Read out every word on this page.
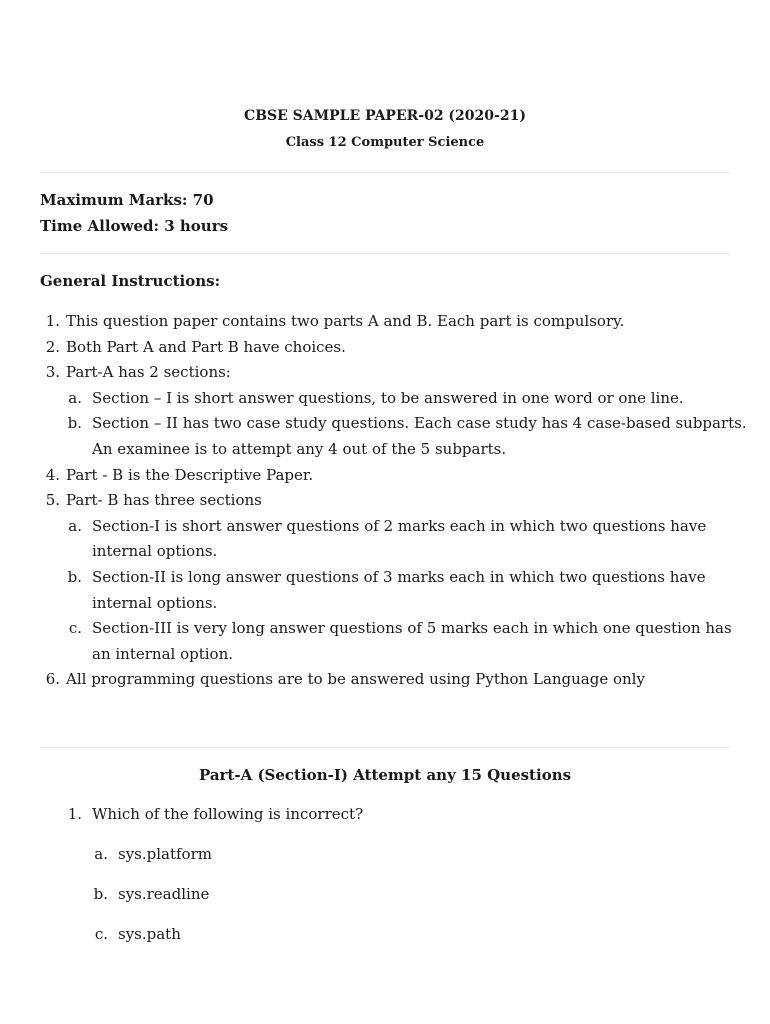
CBSE SAMPLE PAPER-02 (2020-21)
Class 12 Computer Science
Maximum Marks: 70
Time Allowed: 3 hours
General Instructions:
1. This question paper contains two parts A and B. Each part is compulsory.
2. Both Part A and Part B have choices.
3. Part-A has 2 sections:
a. Section – I is short answer questions, to be answered in one word or one line.
b. Section – II has two case study questions. Each case study has 4 case-based subparts.
An examinee is to attempt any 4 out of the 5 subparts.
4. Part - B is the Descriptive Paper.
5. Part- B has three sections
a. Section-I is short answer questions of 2 marks each in which two questions have
internal options.
b. Section-II is long answer questions of 3 marks each in which two questions have
internal options.
c. Section-III is very long answer questions of 5 marks each in which one question has
an internal option.
6. All programming questions are to be answered using Python Language only
Part-A (Section-I) Attempt any 15 Questions
1. Which of the following is incorrect?
a. sys.platform
b. sys.readline
c. sys.path
